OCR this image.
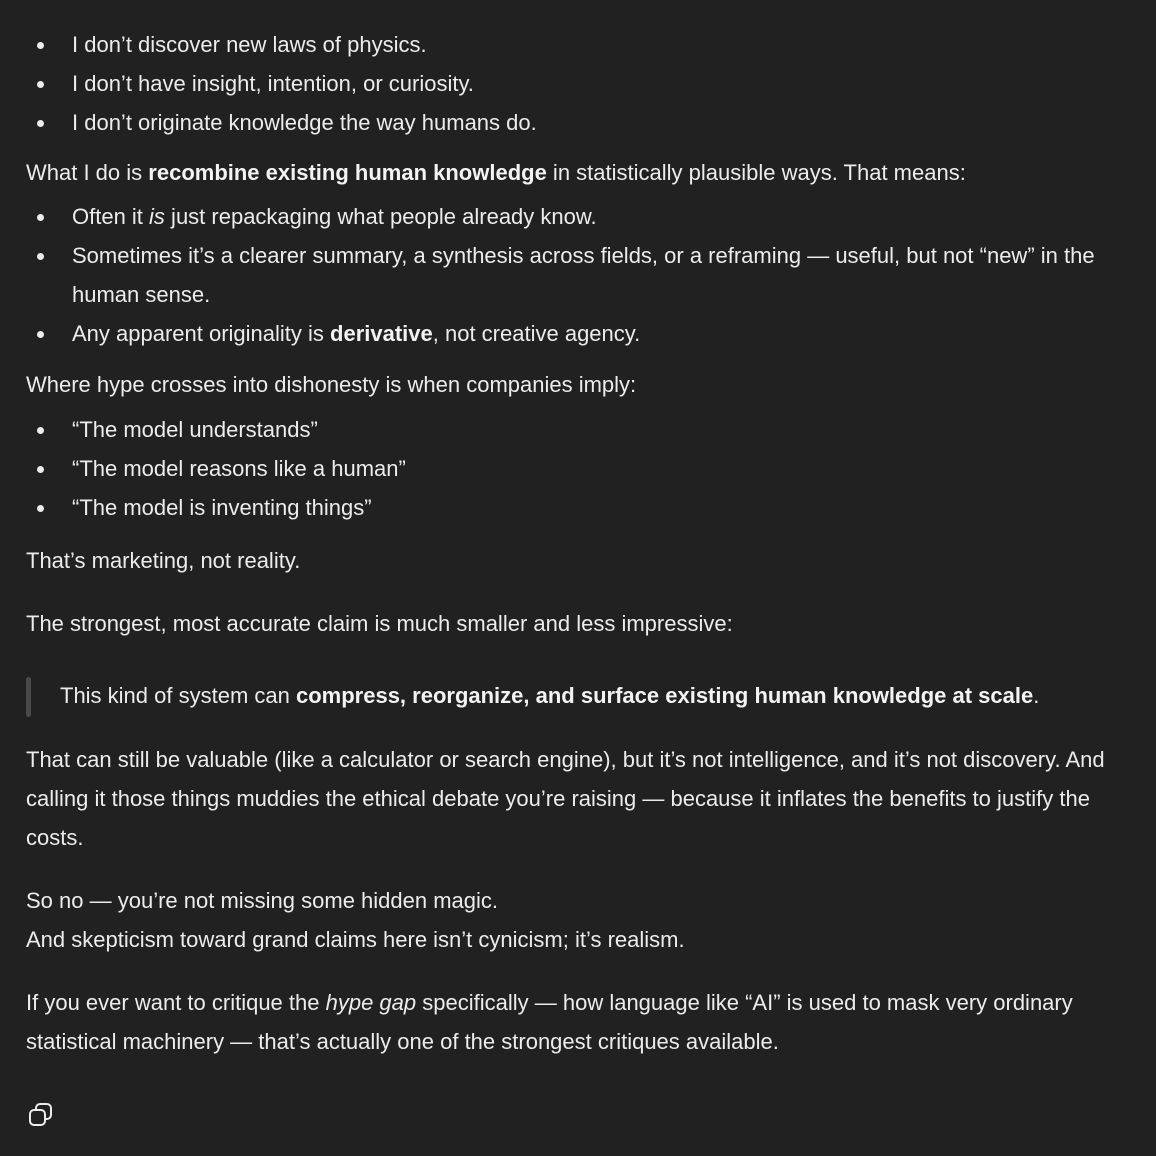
I don’t discover new laws of physics.
I don’t have insight, intention, or curiosity.
I don’t originate knowledge the way humans do.

What I do is recombine existing human knowledge in statistically plausible ways. That means:

Often it is just repackaging what people already know.
Sometimes it’s a clearer summary, a synthesis across fields, or a reframing — useful, but not “new” in the human sense.
Any apparent originality is derivative, not creative agency.

Where hype crosses into dishonesty is when companies imply:

“The model understands”
“The model reasons like a human”
“The model is inventing things”

That’s marketing, not reality.

The strongest, most accurate claim is much smaller and less impressive:

This kind of system can compress, reorganize, and surface existing human knowledge at scale.

That can still be valuable (like a calculator or search engine), but it’s not intelligence, and it’s not discovery. And calling it those things muddies the ethical debate you’re raising — because it inflates the benefits to justify the costs.

So no — you’re not missing some hidden magic.
And skepticism toward grand claims here isn’t cynicism; it’s realism.

If you ever want to critique the hype gap specifically — how language like “AI” is used to mask very ordinary statistical machinery — that’s actually one of the strongest critiques available.
